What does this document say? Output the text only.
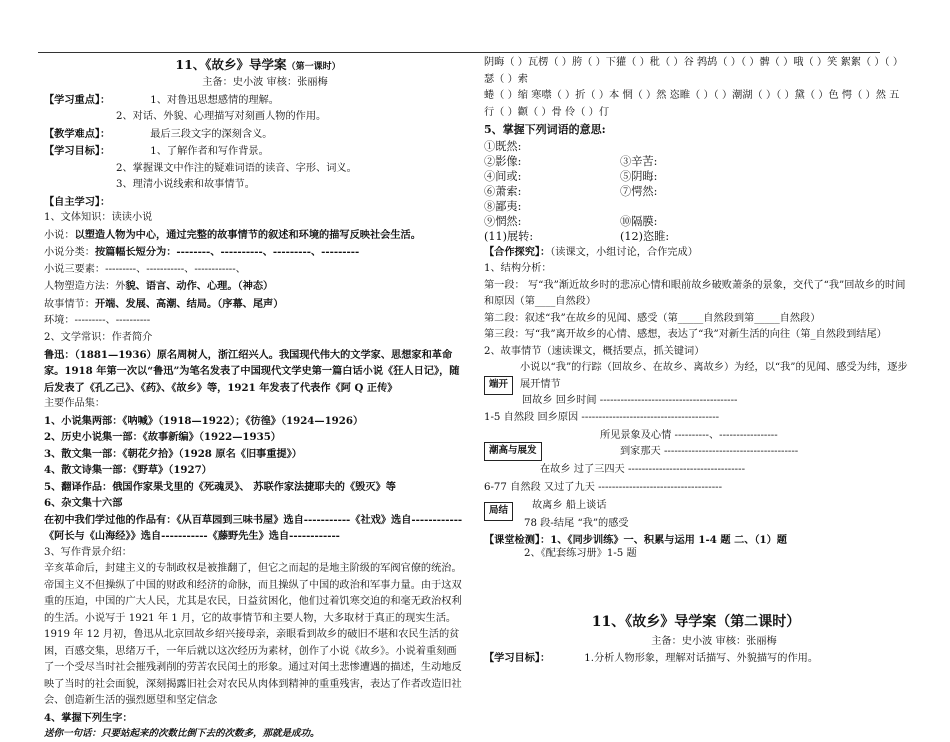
11、《故乡》导学案（第一课时）
主备：史小波 审核：张丽梅
【学习重点】：	1、对鲁迅思想感情的理解。
2、对话、外貌、心理描写对刻画人物的作用。
【教学难点】：	最后三段文字的深刻含义。
【学习目标】：	1、了解作者和写作背景。
2、掌握课文中作注的疑难词语的读音、字形、词义。
3、理清小说线索和故事情节。
【自主学习】：
1、文体知识：读读小说
小说：以塑造人物为中心，通过完整的故事情节的叙述和环境的描写反映社会生活。
小说分类：按篇幅长短分为：--------、----------、---------、---------
小说三要素：---------、-----------、------------、
人物塑造方法：外貌、语言、动作、心理。（神态）
故事情节：开端、发展、高潮、结局。（序幕、尾声）
环境：---------、----------
2、文学常识：作者简介
鲁迅：（1881—1936）原名周树人，浙江绍兴人。我国现代伟大的文学家、思想家和革命家。1918 年第一次以“鲁迅”为笔名发表了中国现代文学史第一篇白话小说《狂人日记》，随后发表了《孔乙己》、《药》、《故乡》等，1921 年发表了代表作《阿 Q 正传》
主要作品集：
1、小说集两部：《呐喊》（1918—1922）；《彷徨》（1924—1926）
2、历史小说集一部：《故事新编》（1922—1935）
3、散文集一部：《朝花夕拾》（1928 原名《旧事重提》）
4、散文诗集一部：《野草》（1927）
5、翻译作品：俄国作家果戈里的《死魂灵》、 苏联作家法捷耶夫的《毁灭》等
6、杂文集十六部
在初中我们学过他的作品有：《从百草园到三味书屋》选自-----------《社戏》选自------------
《阿长与《山海经》》选自-----------《藤野先生》选自------------
3、写作背景介绍：
辛亥革命后，封建主义的专制政权是被推翻了，但它之而起的是地主阶级的军阀官僚的统治。帝国主义不但操纵了中国的财政和经济的命脉，而且操纵了中国的政治和军事力量。由于这双重的压迫，中国的广大人民，尤其是农民，日益贫困化，他们过着饥寒交迫的和毫无政治权利的生活。小说写于 1921 年 1 月，它的故事情节和主要人物，大多取材于真正的现实生活。1919 年 12 月初，鲁迅从北京回故乡绍兴接母亲，亲眼看到故乡的破旧不堪和农民生活的贫困，百感交集，思绪万千，一年后就以这次经历为素材，创作了小说《故乡》。小说着重刻画了一个受尽当时社会摧残剥削的劳苦农民闰土的形象。通过对闰土悲惨遭遇的描述，生动地反映了当时的社会面貌，深刻揭露旧社会对农民从肉体到精神的重重残害，表达了作者改造旧社会、创造新生活的强烈愿望和坚定信念
4、掌握下列生字：
送你一句话：只要站起来的次数比倒下去的次数多，那就是成功。
阴晦（ ）瓦楞（ ）胯（ ）下獾（ ）秕（ ）谷 鹁鸪（ ）（ ）髀（ ）哦（ ）笑 絮絮（ ）（ ）瑟（ ）索
蜷（ ）缩 寒噤（ ）折（ ）本 惘（ ）然 恣睢（ ）（ ）潮湖（ ）（ ）黛（ ）色 愕（ ）然 五行（ ）颧（ ）骨 伶（ ）仃
5、掌握下列词语的意思:
①既然:
②影像:	③辛苦:
④间或:	⑤阴晦:
⑥萧索:	⑦愕然:
⑧鄙夷:
⑨惘然:	⑩隔膜:
(11)展转:	(12)恣睢:
【合作探究】：（读课文，小组讨论，合作完成）
1、结构分析：
第一段： 写“我”渐近故乡时的悲凉心情和眼前故乡破败萧条的景象，交代了“我”回故乡的时间和原因（第____自然段）
第二段：叙述“我”在故乡的见闻、感受（第_____自然段到第_____自然段）
第三段：写“我”离开故乡的心情、感想，表达了“我”对新生活的向往（第_自然段到结尾）
2、故事情节（速读课文，概括要点，抓关键词）
小说以“我”的行踪（回故乡、在故乡、离故乡）为经，以“我”的见闻、感受为纬，逐步展开情节
端开
回故乡 回乡时间 ----------------------------------------
1-5 自然段 回乡原因 ----------------------------------------
所见景象及心情 ----------、-----------------
潮高与展发	到家那天 ---------------------------------------
在故乡 过了三四天 ----------------------------------
6-77 自然段 又过了九天 ------------------------------------
局结	故离乡 船上谈话
78 段-结尾 “我”的感受
【课堂检测】：1、《同步训练》一、积累与运用 1-4 题 二、（1）题
2、《配套练习册》1-5 题
11、《故乡》导学案（第二课时）
主备：史小波 审核：张丽梅
【学习目标】：	1.分析人物形象，理解对话描写、外貌描写的作用。
